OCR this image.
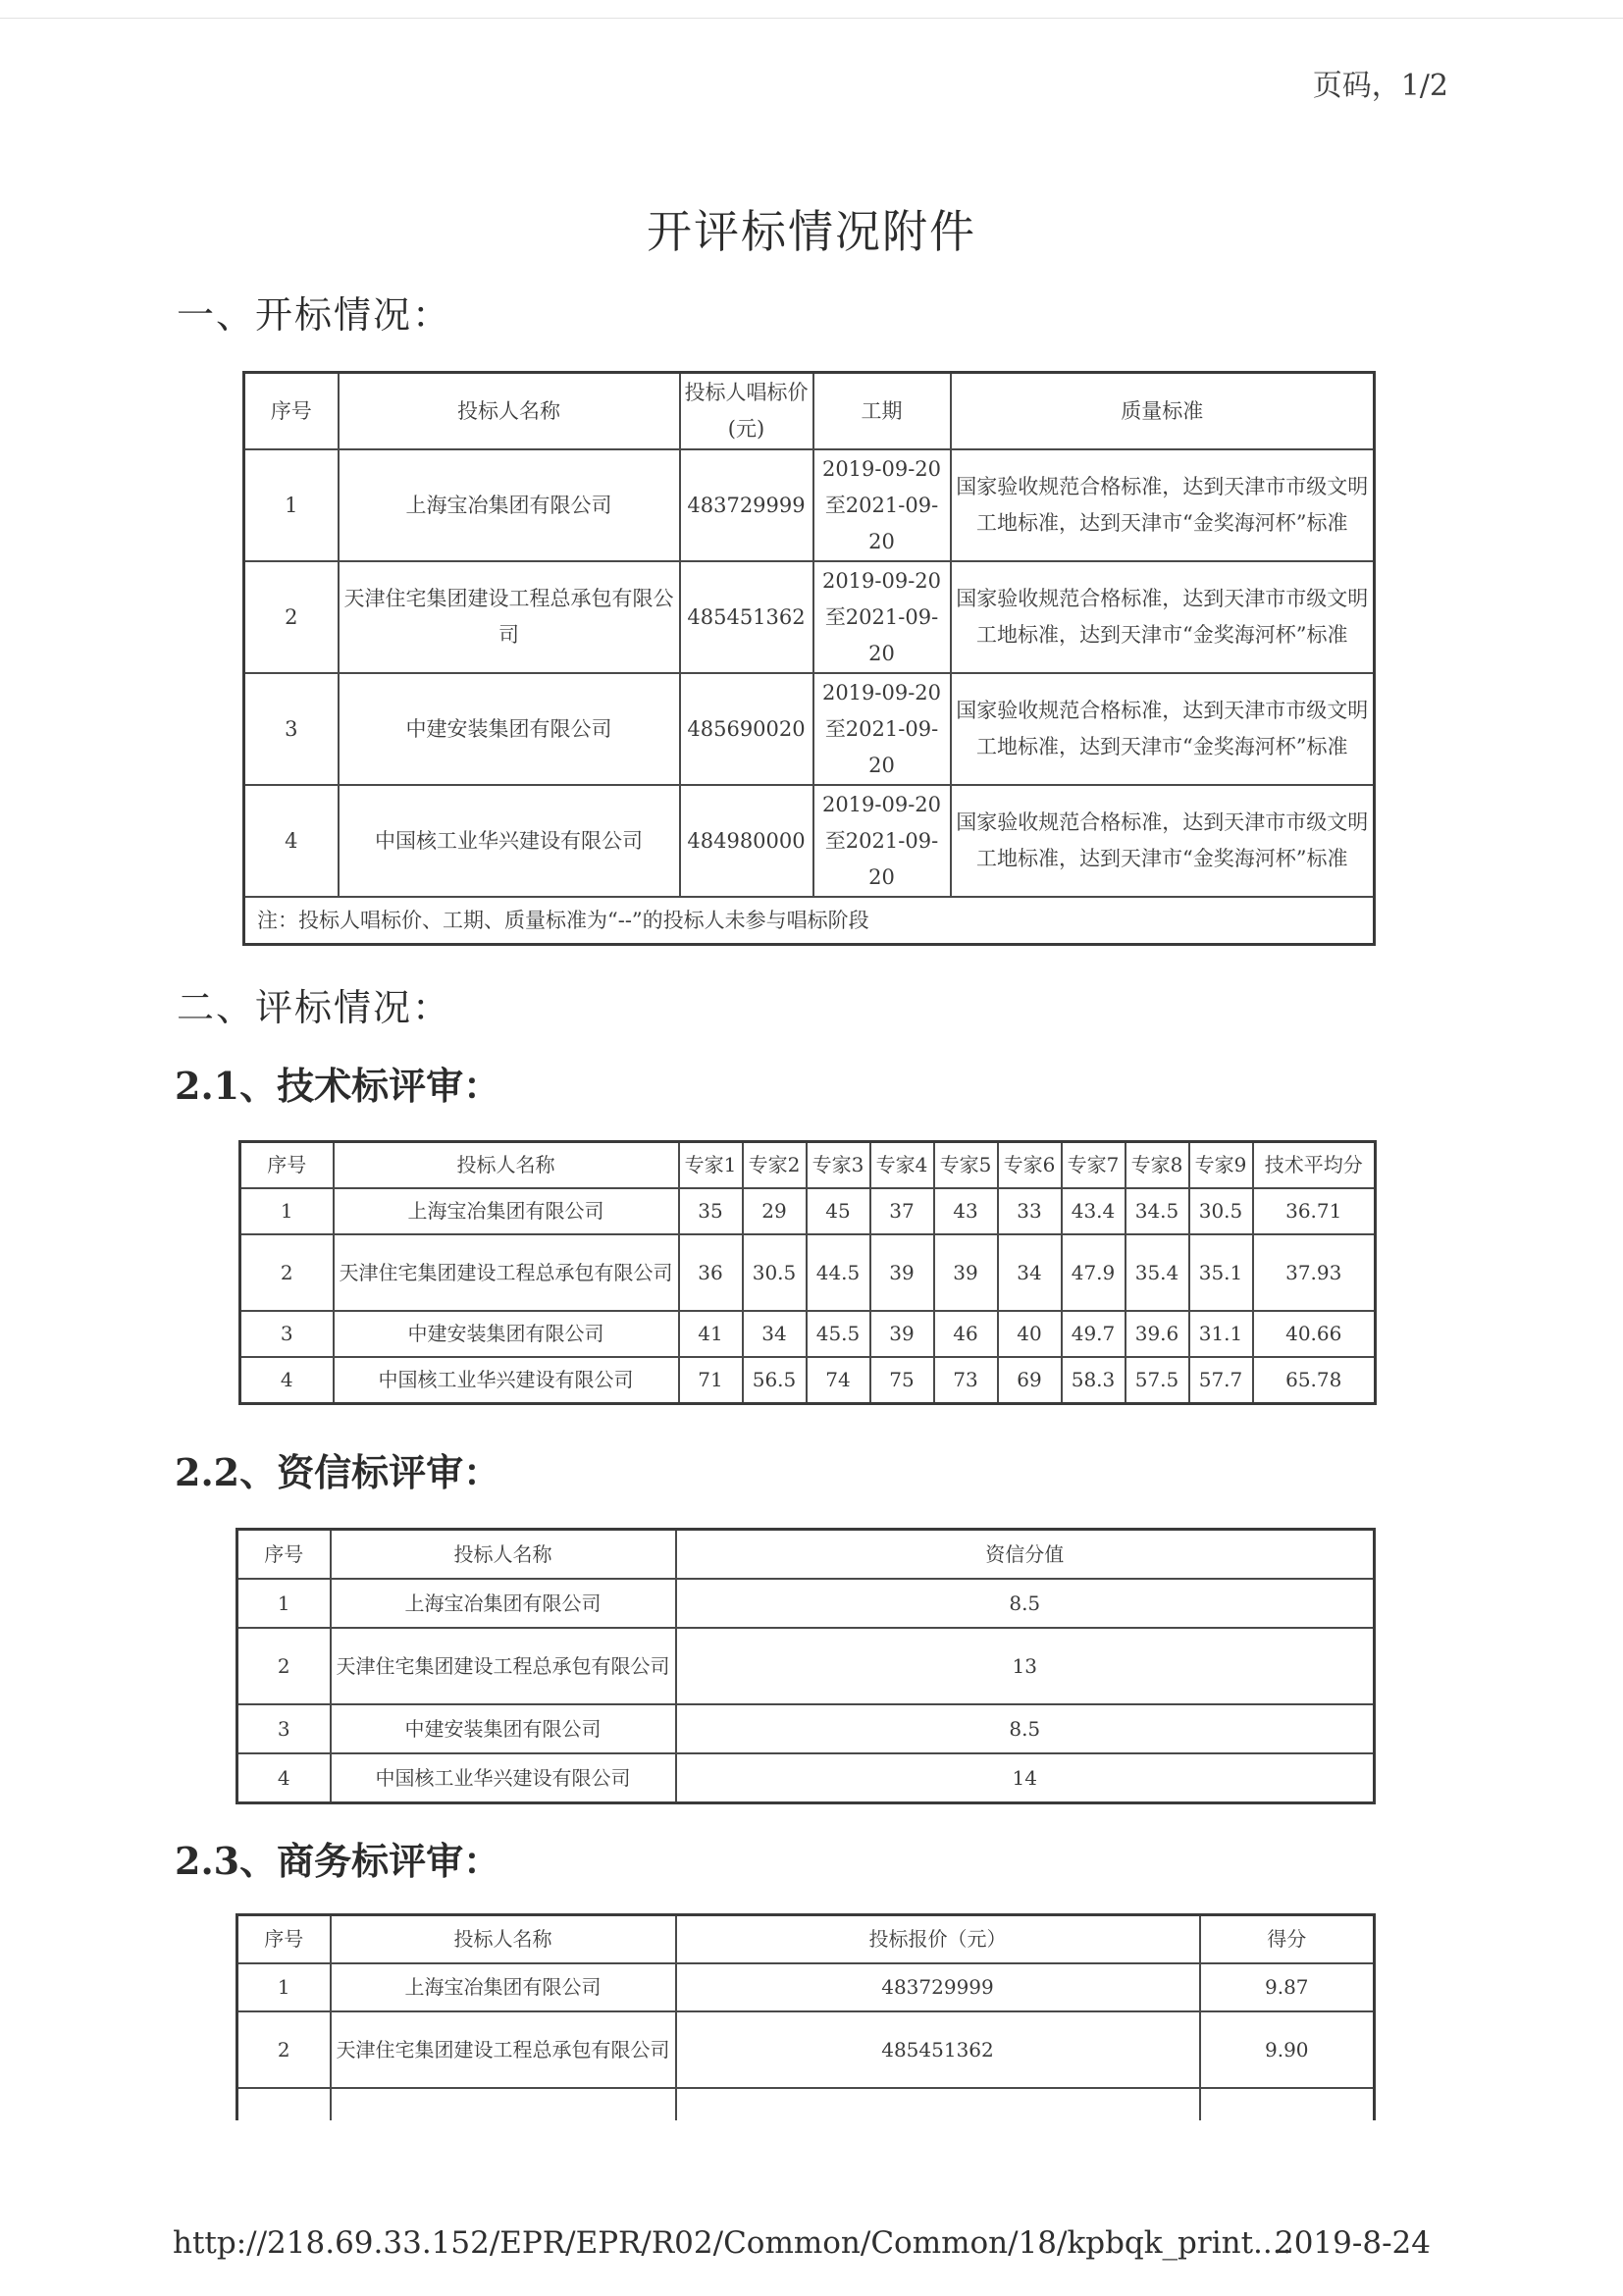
页码，1/2
开评标情况附件
一、开标情况：
序号	投标人名称	投标人唱标价(元)	工期	质量标准
1	上海宝冶集团有限公司	483729999	2019-09-20至2021-09-20	国家验收规范合格标准，达到天津市市级文明工地标准，达到天津市“金奖海河杯”标准
2	天津住宅集团建设工程总承包有限公司	485451362	2019-09-20至2021-09-20	国家验收规范合格标准，达到天津市市级文明工地标准，达到天津市“金奖海河杯”标准
3	中建安装集团有限公司	485690020	2019-09-20至2021-09-20	国家验收规范合格标准，达到天津市市级文明工地标准，达到天津市“金奖海河杯”标准
4	中国核工业华兴建设有限公司	484980000	2019-09-20至2021-09-20	国家验收规范合格标准，达到天津市市级文明工地标准，达到天津市“金奖海河杯”标准
注：投标人唱标价、工期、质量标准为“--”的投标人未参与唱标阶段				
二、评标情况：
2.1、技术标评审：
序号	投标人名称	专家1	专家2	专家3	专家4	专家5	专家6	专家7	专家8	专家9	技术平均分
1	上海宝冶集团有限公司	35	29	45	37	43	33	43.4	34.5	30.5	36.71
2	天津住宅集团建设工程总承包有限公司	36	30.5	44.5	39	39	34	47.9	35.4	35.1	37.93
3	中建安装集团有限公司	41	34	45.5	39	46	40	49.7	39.6	31.1	40.66
4	中国核工业华兴建设有限公司	71	56.5	74	75	73	69	58.3	57.5	57.7	65.78
2.2、资信标评审：
序号	投标人名称	资信分值
1	上海宝冶集团有限公司	8.5
2	天津住宅集团建设工程总承包有限公司	13
3	中建安装集团有限公司	8.5
4	中国核工业华兴建设有限公司	14
2.3、商务标评审：
序号	投标人名称	投标报价（元）	得分
1	上海宝冶集团有限公司	483729999	9.87
2	天津住宅集团建设工程总承包有限公司	485451362	9.90

http://218.69.33.152/EPR/EPR/R02/Common/Common/18/kpbqk_print....
2019-8-24
